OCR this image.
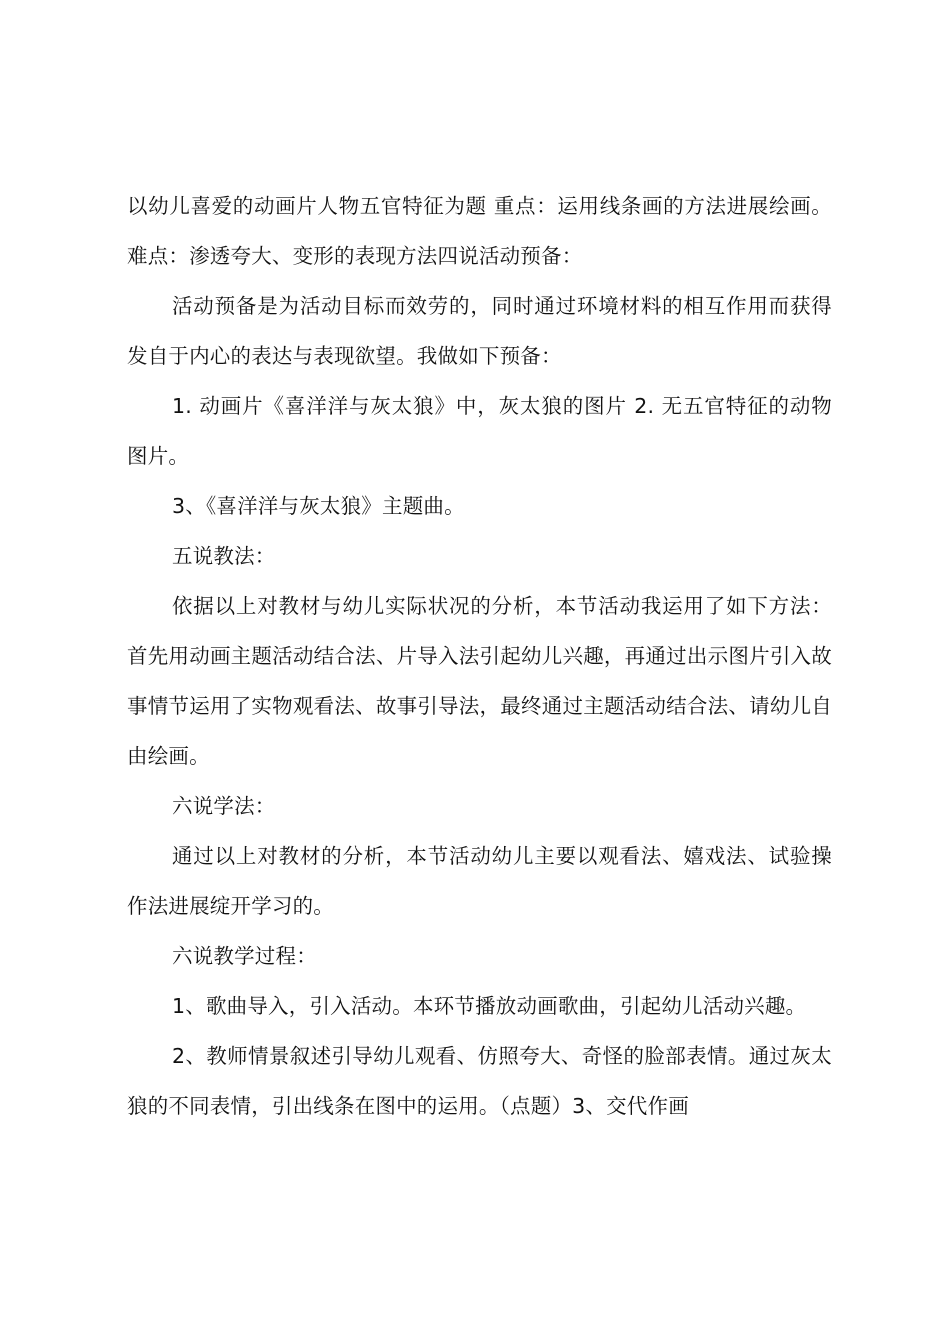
以幼儿喜爱的动画片人物五官特征为题 重点：运用线条画的方法进展绘画。难点：渗透夸大、变形的表现方法四说活动预备：

活动预备是为活动目标而效劳的，同时通过环境材料的相互作用而获得发自于内心的表达与表现欲望。我做如下预备：

1. 动画片《喜洋洋与灰太狼》中，灰太狼的图片 2. 无五官特征的动物图片。

3、《喜洋洋与灰太狼》主题曲。

五说教法：

依据以上对教材与幼儿实际状况的分析，本节活动我运用了如下方法：首先用动画主题活动结合法、片导入法引起幼儿兴趣，再通过出示图片引入故事情节运用了实物观看法、故事引导法，最终通过主题活动结合法、请幼儿自由绘画。

六说学法：

通过以上对教材的分析，本节活动幼儿主要以观看法、嬉戏法、试验操作法进展绽开学习的。

六说教学过程：

1、歌曲导入，引入活动。本环节播放动画歌曲，引起幼儿活动兴趣。

2、教师情景叙述引导幼儿观看、仿照夸大、奇怪的脸部表情。通过灰太狼的不同表情，引出线条在图中的运用。（点题）3、交代作画
